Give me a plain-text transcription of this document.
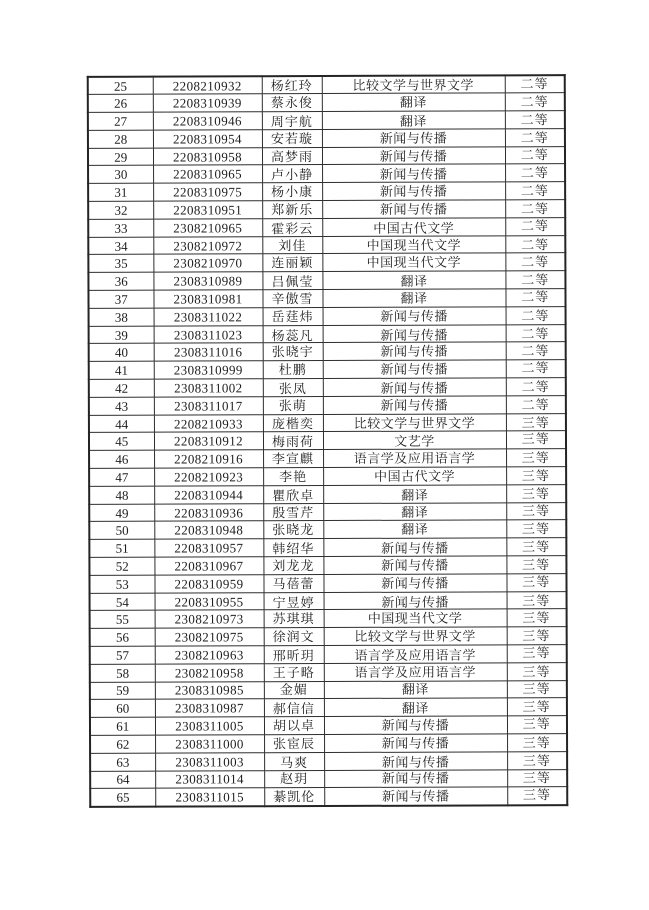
25	2208210932	杨红玲	比较文学与世界文学	二等
26	2208310939	蔡永俊	翻译	二等
27	2208310946	周宇航	翻译	二等
28	2208310954	安若璇	新闻与传播	二等
29	2208310958	高梦雨	新闻与传播	二等
30	2208310965	卢小静	新闻与传播	二等
31	2208310975	杨小康	新闻与传播	二等
32	2208310951	郑新乐	新闻与传播	二等
33	2308210965	霍彩云	中国古代文学	二等
34	2308210972	刘佳	中国现当代文学	二等
35	2308210970	连丽颖	中国现当代文学	二等
36	2308310989	吕佩莹	翻译	二等
37	2308310981	辛傲雪	翻译	二等
38	2308311022	岳莛炜	新闻与传播	二等
39	2308311023	杨蕊凡	新闻与传播	二等
40	2308311016	张晓宇	新闻与传播	二等
41	2308310999	杜鹏	新闻与传播	二等
42	2308311002	张凤	新闻与传播	二等
43	2308311017	张萌	新闻与传播	二等
44	2208210933	庞楷奕	比较文学与世界文学	三等
45	2208310912	梅雨荷	文艺学	三等
46	2208210916	李宣麒	语言学及应用语言学	三等
47	2208210923	李艳	中国古代文学	三等
48	2208310944	瞿欣卓	翻译	三等
49	2208310936	殷雪芹	翻译	三等
50	2208310948	张晓龙	翻译	三等
51	2208310957	韩绍华	新闻与传播	三等
52	2208310967	刘龙龙	新闻与传播	三等
53	2208310959	马蓓蕾	新闻与传播	三等
54	2208310955	宁昱婷	新闻与传播	三等
55	2308210973	苏琪琪	中国现当代文学	三等
56	2308210975	徐润文	比较文学与世界文学	三等
57	2308210963	邢昕玥	语言学及应用语言学	三等
58	2308210958	王子略	语言学及应用语言学	三等
59	2308310985	金媚	翻译	三等
60	2308310987	郝信信	翻译	三等
61	2308311005	胡以卓	新闻与传播	三等
62	2308311000	张宦辰	新闻与传播	三等
63	2308311003	马爽	新闻与传播	三等
64	2308311014	赵玥	新闻与传播	三等
65	2308311015	綦凯伦	新闻与传播	三等
